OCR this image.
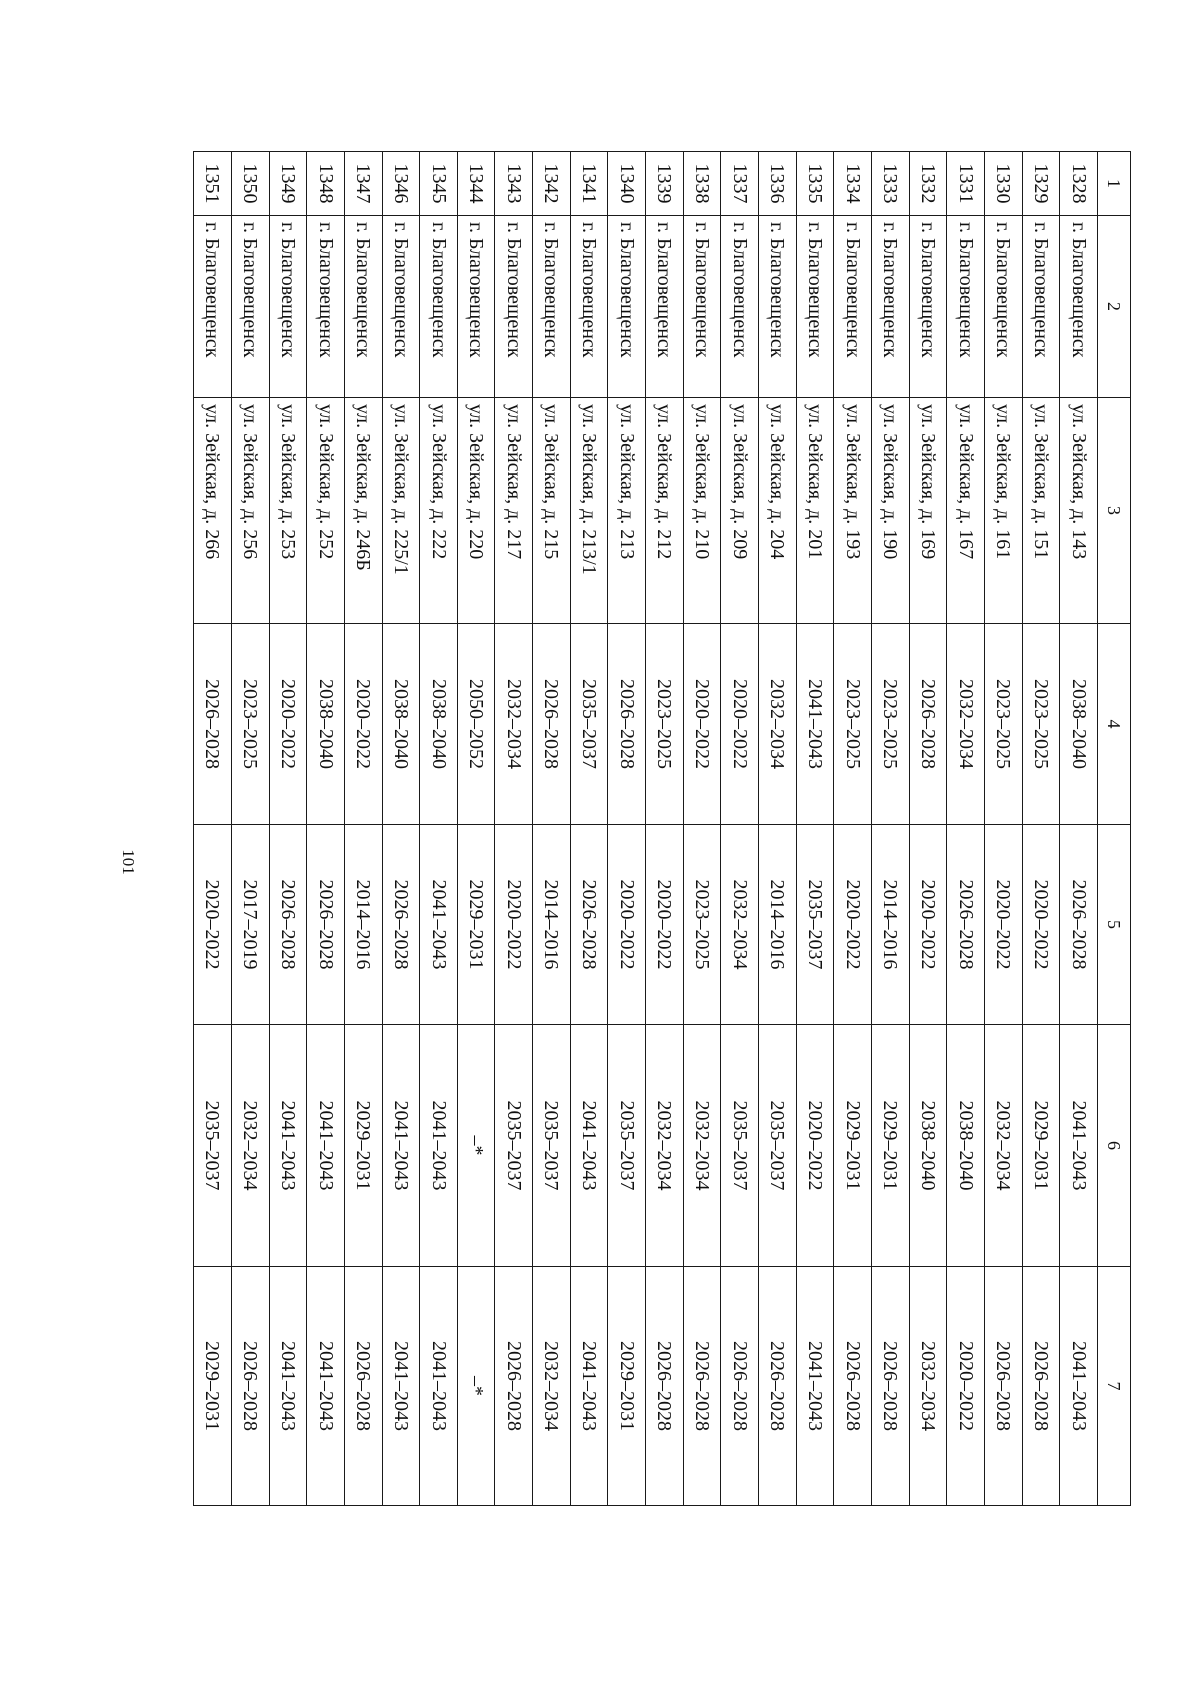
101
1	2	3	4	5	6	7
1328	г. Благовещенск	ул. Зейская, д. 143	2038–2040	2026–2028	2041–2043	2041–2043
1329	г. Благовещенск	ул. Зейская, д. 151	2023–2025	2020–2022	2029–2031	2026–2028
1330	г. Благовещенск	ул. Зейская, д. 161	2023–2025	2020–2022	2032–2034	2026–2028
1331	г. Благовещенск	ул. Зейская, д. 167	2032–2034	2026–2028	2038–2040	2020–2022
1332	г. Благовещенск	ул. Зейская, д. 169	2026–2028	2020–2022	2038–2040	2032–2034
1333	г. Благовещенск	ул. Зейская, д. 190	2023–2025	2014–2016	2029–2031	2026–2028
1334	г. Благовещенск	ул. Зейская, д. 193	2023–2025	2020–2022	2029–2031	2026–2028
1335	г. Благовещенск	ул. Зейская, д. 201	2041–2043	2035–2037	2020–2022	2041–2043
1336	г. Благовещенск	ул. Зейская, д. 204	2032–2034	2014–2016	2035–2037	2026–2028
1337	г. Благовещенск	ул. Зейская, д. 209	2020–2022	2032–2034	2035–2037	2026–2028
1338	г. Благовещенск	ул. Зейская, д. 210	2020–2022	2023–2025	2032–2034	2026–2028
1339	г. Благовещенск	ул. Зейская, д. 212	2023–2025	2020–2022	2032–2034	2026–2028
1340	г. Благовещенск	ул. Зейская, д. 213	2026–2028	2020–2022	2035–2037	2029–2031
1341	г. Благовещенск	ул. Зейская, д. 213/1	2035–2037	2026–2028	2041–2043	2041–2043
1342	г. Благовещенск	ул. Зейская, д. 215	2026–2028	2014–2016	2035–2037	2032–2034
1343	г. Благовещенск	ул. Зейская, д. 217	2032–2034	2020–2022	2035–2037	2026–2028
1344	г. Благовещенск	ул. Зейская, д. 220	2050–2052	2029–2031	–*	–*
1345	г. Благовещенск	ул. Зейская, д. 222	2038–2040	2041–2043	2041–2043	2041–2043
1346	г. Благовещенск	ул. Зейская, д. 225/1	2038–2040	2026–2028	2041–2043	2041–2043
1347	г. Благовещенск	ул. Зейская, д. 246Б	2020–2022	2014–2016	2029–2031	2026–2028
1348	г. Благовещенск	ул. Зейская, д. 252	2038–2040	2026–2028	2041–2043	2041–2043
1349	г. Благовещенск	ул. Зейская, д. 253	2020–2022	2026–2028	2041–2043	2041–2043
1350	г. Благовещенск	ул. Зейская, д. 256	2023–2025	2017–2019	2032–2034	2026–2028
1351	г. Благовещенск	ул. Зейская, д. 266	2026–2028	2020–2022	2035–2037	2029–2031
